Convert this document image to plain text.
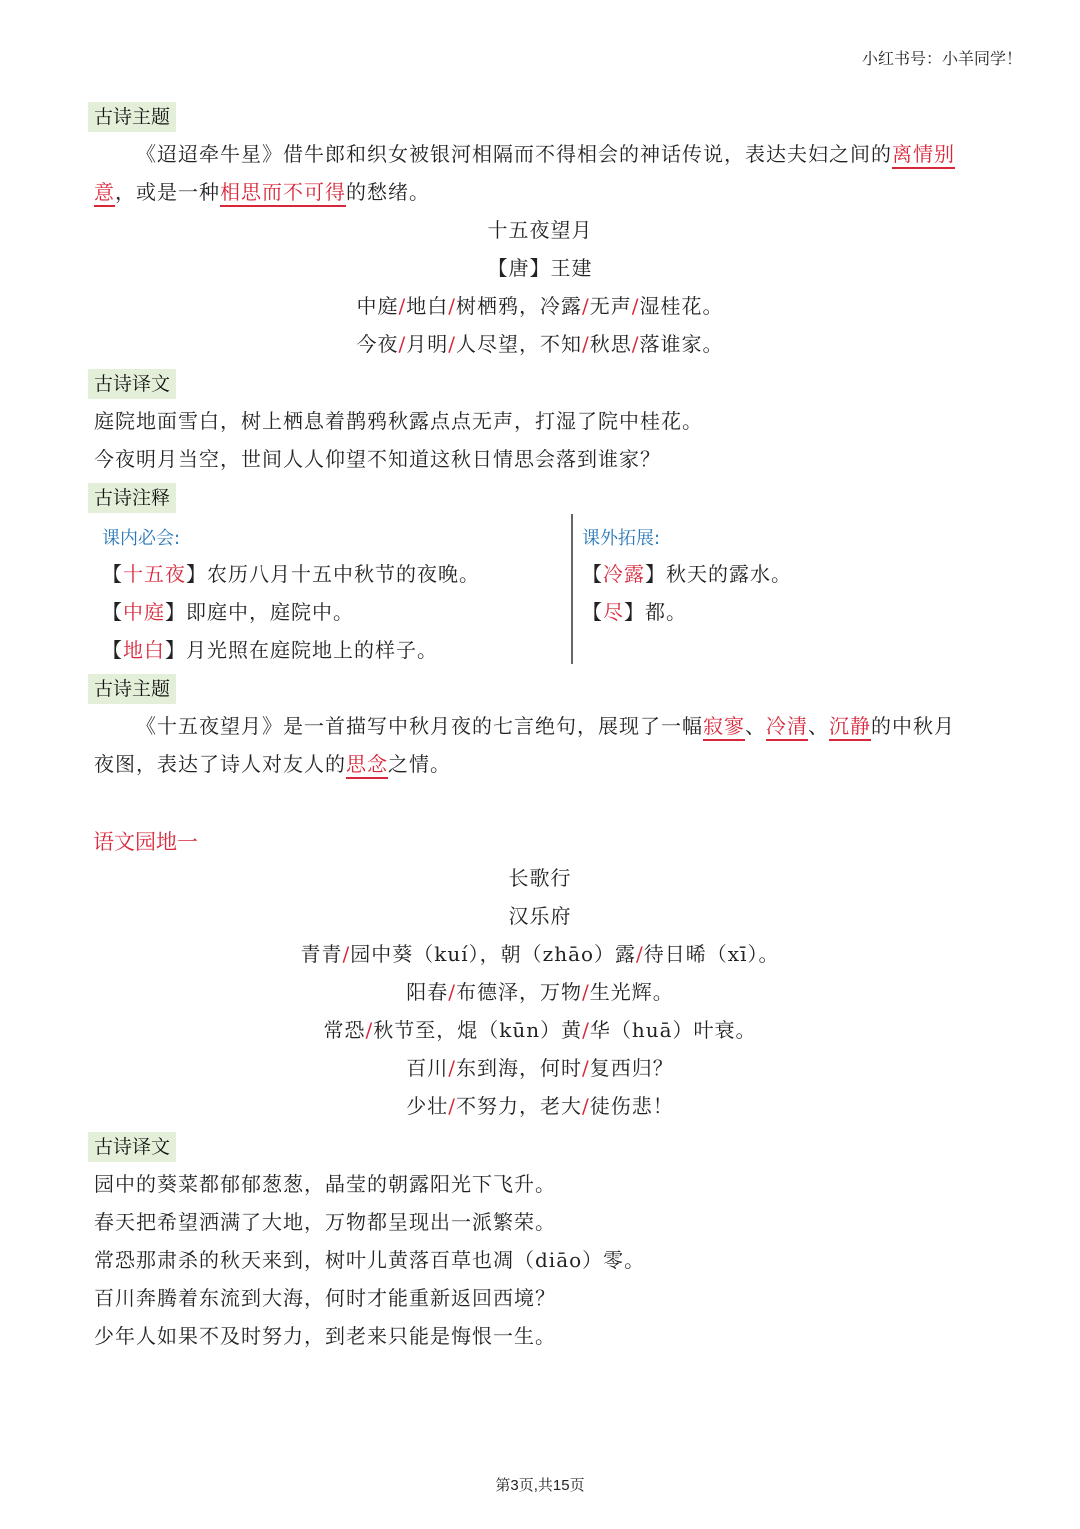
小红书号：小羊同学！
古诗主题
《迢迢牵牛星》借牛郎和织女被银河相隔而不得相会的神话传说，表达夫妇之间的离情别
意，或是一种相思而不可得的愁绪。
十五夜望月
【唐】王建
中庭/地白/树栖鸦，冷露/无声/湿桂花。
今夜/月明/人尽望，不知/秋思/落谁家。
古诗译文
庭院地面雪白，树上栖息着鹊鸦秋露点点无声，打湿了院中桂花。
今夜明月当空，世间人人仰望不知道这秋日情思会落到谁家？
古诗注释
课内必会:
【十五夜】农历八月十五中秋节的夜晚。
【中庭】即庭中，庭院中。
【地白】月光照在庭院地上的样子。
课外拓展:
【冷露】秋天的露水。
【尽】都。
古诗主题
《十五夜望月》是一首描写中秋月夜的七言绝句，展现了一幅寂寥、冷清、沉静的中秋月
夜图，表达了诗人对友人的思念之情。
语文园地一
长歌行
汉乐府
青青/园中葵（kuí），朝（zhāo）露/待日晞（xī）。
阳春/布德泽，万物/生光辉。
常恐/秋节至，焜（kūn）黄/华（huā）叶衰。
百川/东到海，何时/复西归？
少壮/不努力，老大/徒伤悲！
古诗译文
园中的葵菜都郁郁葱葱，晶莹的朝露阳光下飞升。
春天把希望洒满了大地，万物都呈现出一派繁荣。
常恐那肃杀的秋天来到，树叶儿黄落百草也凋（diāo）零。
百川奔腾着东流到大海，何时才能重新返回西境？
少年人如果不及时努力，到老来只能是悔恨一生。
第3页,共15页
